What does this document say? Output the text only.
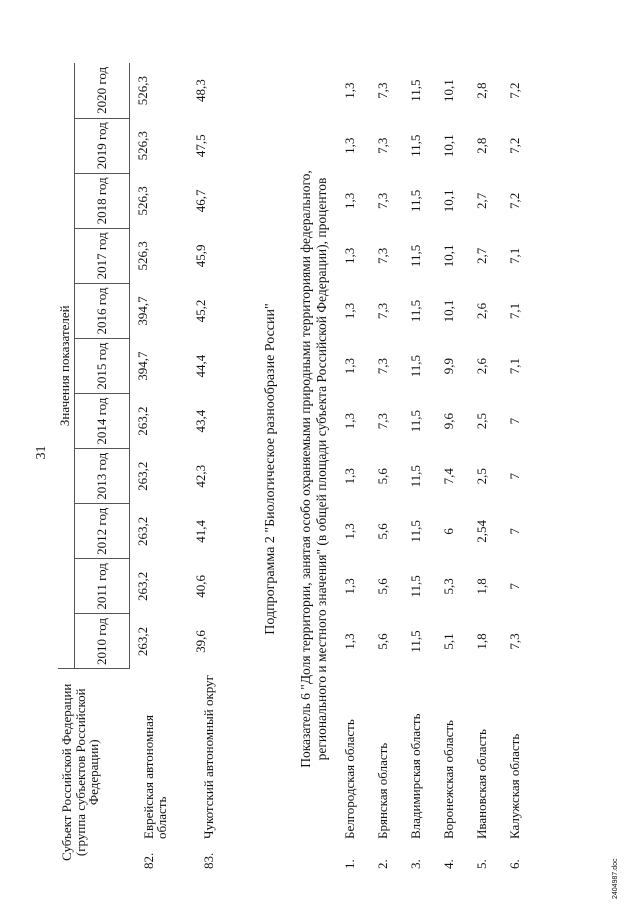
31
Субъект Российской Федерации (группа субъектов Российской Федерации)	Значения показателей
2010 год	2011 год	2012 год	2013 год	2014 год	2015 год	2016 год	2017 год	2018 год	2019 год	2020 год

82.	Еврейская автономная область
	263,2	263,2	263,2	263,2	263,2	394,7	394,7	526,3	526,3	526,3	526,3

83.	Чукотский автономный округ
	39,6	40,6	41,4	42,3	43,4	44,4	45,2	45,9	46,7	47,5	48,3
Подпрограмма 2 "Биологическое разнообразие России" Показатель 6 "Доля территории, занятая особо охраняемыми природными территориями федерального, регионального и местного значения" (в общей площади субъекта Российской Федерации), процентов
1.	Белгородская область
	1,3	1,3	1,3	1,3	1,3	1,3	1,3	1,3	1,3	1,3	1,3

2.	Брянская область
	5,6	5,6	5,6	5,6	7,3	7,3	7,3	7,3	7,3	7,3	7,3

3.	Владимирская область
	11,5	11,5	11,5	11,5	11,5	11,5	11,5	11,5	11,5	11,5	11,5

4.	Воронежская область
	5,1	5,3	6	7,4	9,6	9,9	10,1	10,1	10,1	10,1	10,1

5.	Ивановская область
	1,8	1,8	2,54	2,5	2,5	2,6	2,6	2,7	2,7	2,8	2,8

6.	Калужская область
	7,3	7	7	7	7	7,1	7,1	7,1	7,2	7,2	7,2
2404987.doc
